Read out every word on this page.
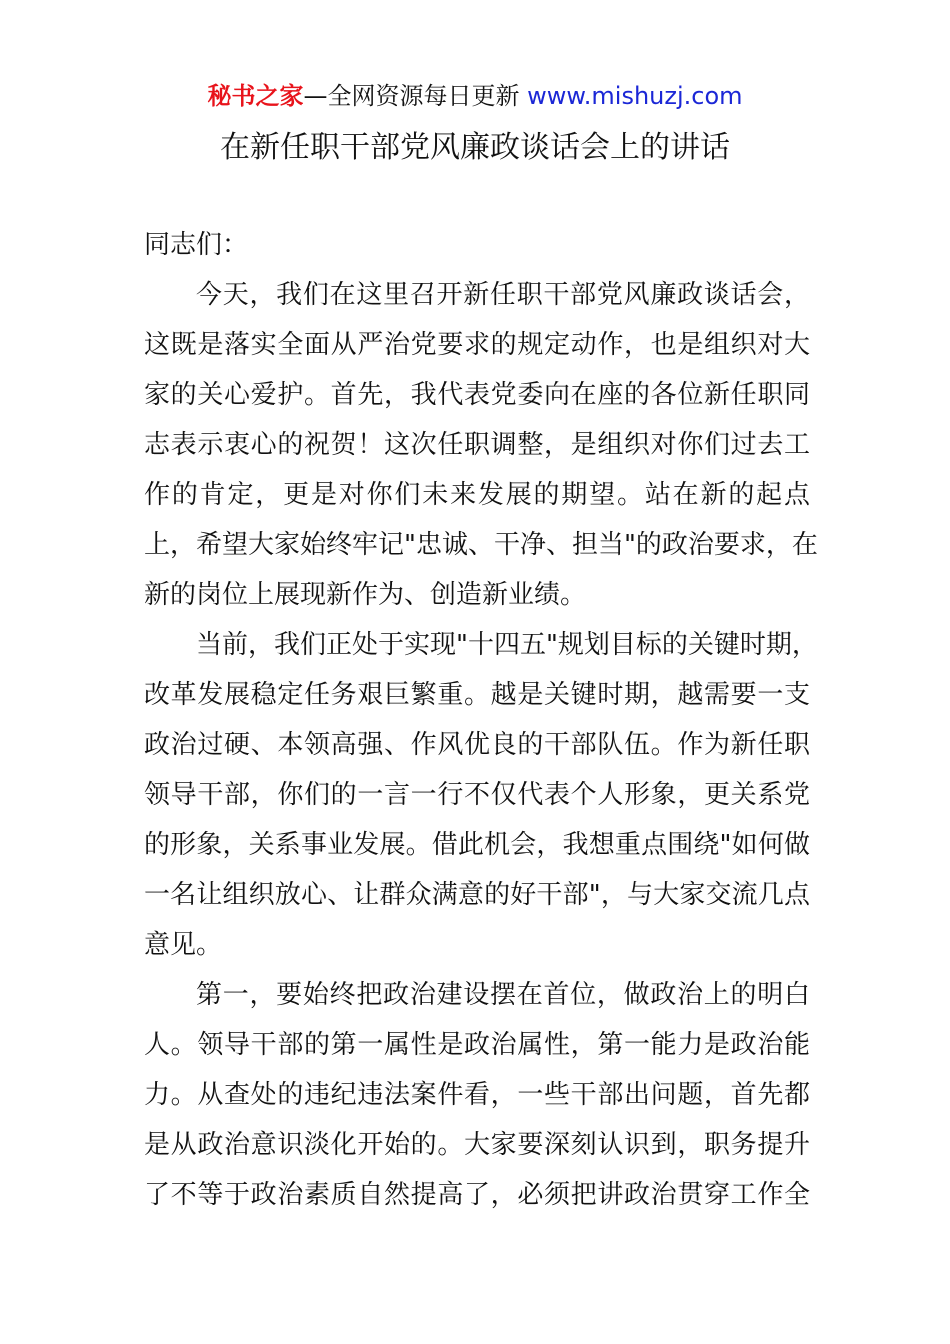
秘书之家—全网资源每日更新 www.mishuzj.com
在新任职干部党风廉政谈话会上的讲话

同志们：

今天，我们在这里召开新任职干部党风廉政谈话会，
这既是落实全面从严治党要求的规定动作，也是组织对大
家的关心爱护。首先，我代表党委向在座的各位新任职同
志表示衷心的祝贺！这次任职调整，是组织对你们过去工
作的肯定，更是对你们未来发展的期望。站在新的起点
上，希望大家始终牢记"忠诚、干净、担当"的政治要求，在
新的岗位上展现新作为、创造新业绩。

当前，我们正处于实现"十四五"规划目标的关键时期，
改革发展稳定任务艰巨繁重。越是关键时期，越需要一支
政治过硬、本领高强、作风优良的干部队伍。作为新任职
领导干部，你们的一言一行不仅代表个人形象，更关系党
的形象，关系事业发展。借此机会，我想重点围绕"如何做
一名让组织放心、让群众满意的好干部"，与大家交流几点
意见。

第一，要始终把政治建设摆在首位，做政治上的明白
人。领导干部的第一属性是政治属性，第一能力是政治能
力。从查处的违纪违法案件看，一些干部出问题，首先都
是从政治意识淡化开始的。大家要深刻认识到，职务提升
了不等于政治素质自然提高了，必须把讲政治贯穿工作全
